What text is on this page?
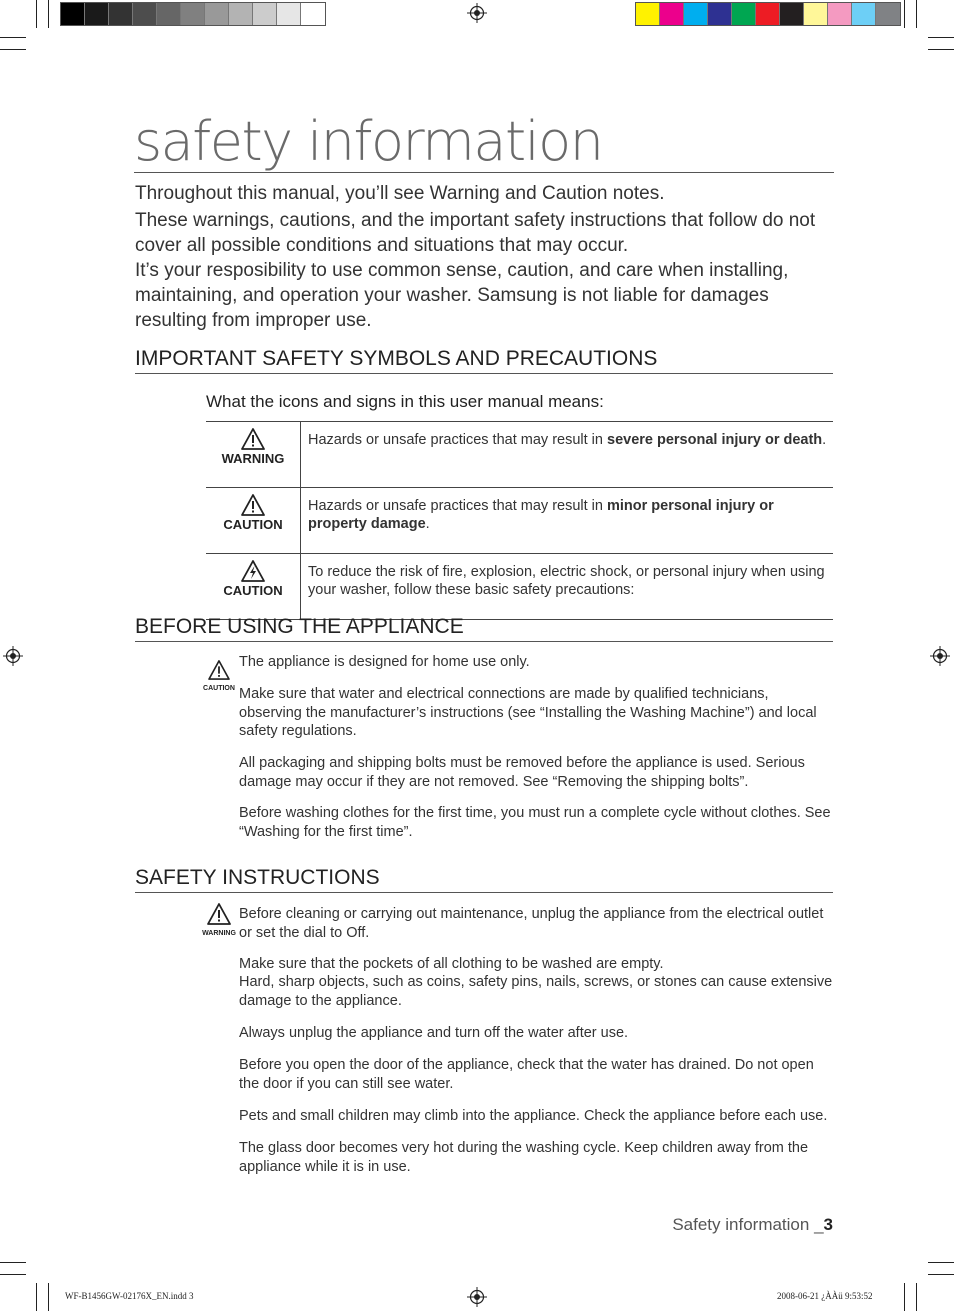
safety information

Throughout this manual, you’ll see Warning and Caution notes.

These warnings, cautions, and the important safety instructions that follow do not cover all possible conditions and situations that may occur.

It’s your resposibility to use common sense, caution, and care when installing, maintaining, and operation your washer. Samsung is not liable for damages resulting from improper use.

IMPORTANT SAFETY SYMBOLS AND PRECAUTIONS
What the icons and signs in this user manual means:
WARNING	Hazards or unsafe practices that may result in severe personal injury or death.

CAUTION	Hazards or unsafe practices that may result in minor personal injury or property damage.

CAUTION	To reduce the risk of fire, explosion, electric shock, or personal injury when using your washer, follow these basic safety precautions:
BEFORE USING THE APPLIANCE
CAUTION

The appliance is designed for home use only.

Make sure that water and electrical connections are made by qualified technicians, observing the manufacturer’s instructions (see “Installing the Washing Machine”) and local safety regulations.

All packaging and shipping bolts must be removed before the appliance is used. Serious damage may occur if they are not removed. See “Removing the shipping bolts”.

Before washing clothes for the first time, you must run a complete cycle without clothes. See “Washing for the first time”.

SAFETY INSTRUCTIONS
WARNING

Before cleaning or carrying out maintenance, unplug the appliance from the electrical outlet or set the dial to Off.

Make sure that the pockets of all clothing to be washed are empty.

Hard, sharp objects, such as coins, safety pins, nails, screws, or stones can cause extensive damage to the appliance.

Always unplug the appliance and turn off the water after use.

Before you open the door of the appliance, check that the water has drained. Do not open the door if you can still see water.

Pets and small children may climb into the appliance. Check the appliance before each use.

The glass door becomes very hot during the washing cycle. Keep children away from the appliance while it is in use.

Safety information _3
WF-B1456GW-02176X_EN.indd 3	2008-06-21 ¿ÀÀü 9:53:52
